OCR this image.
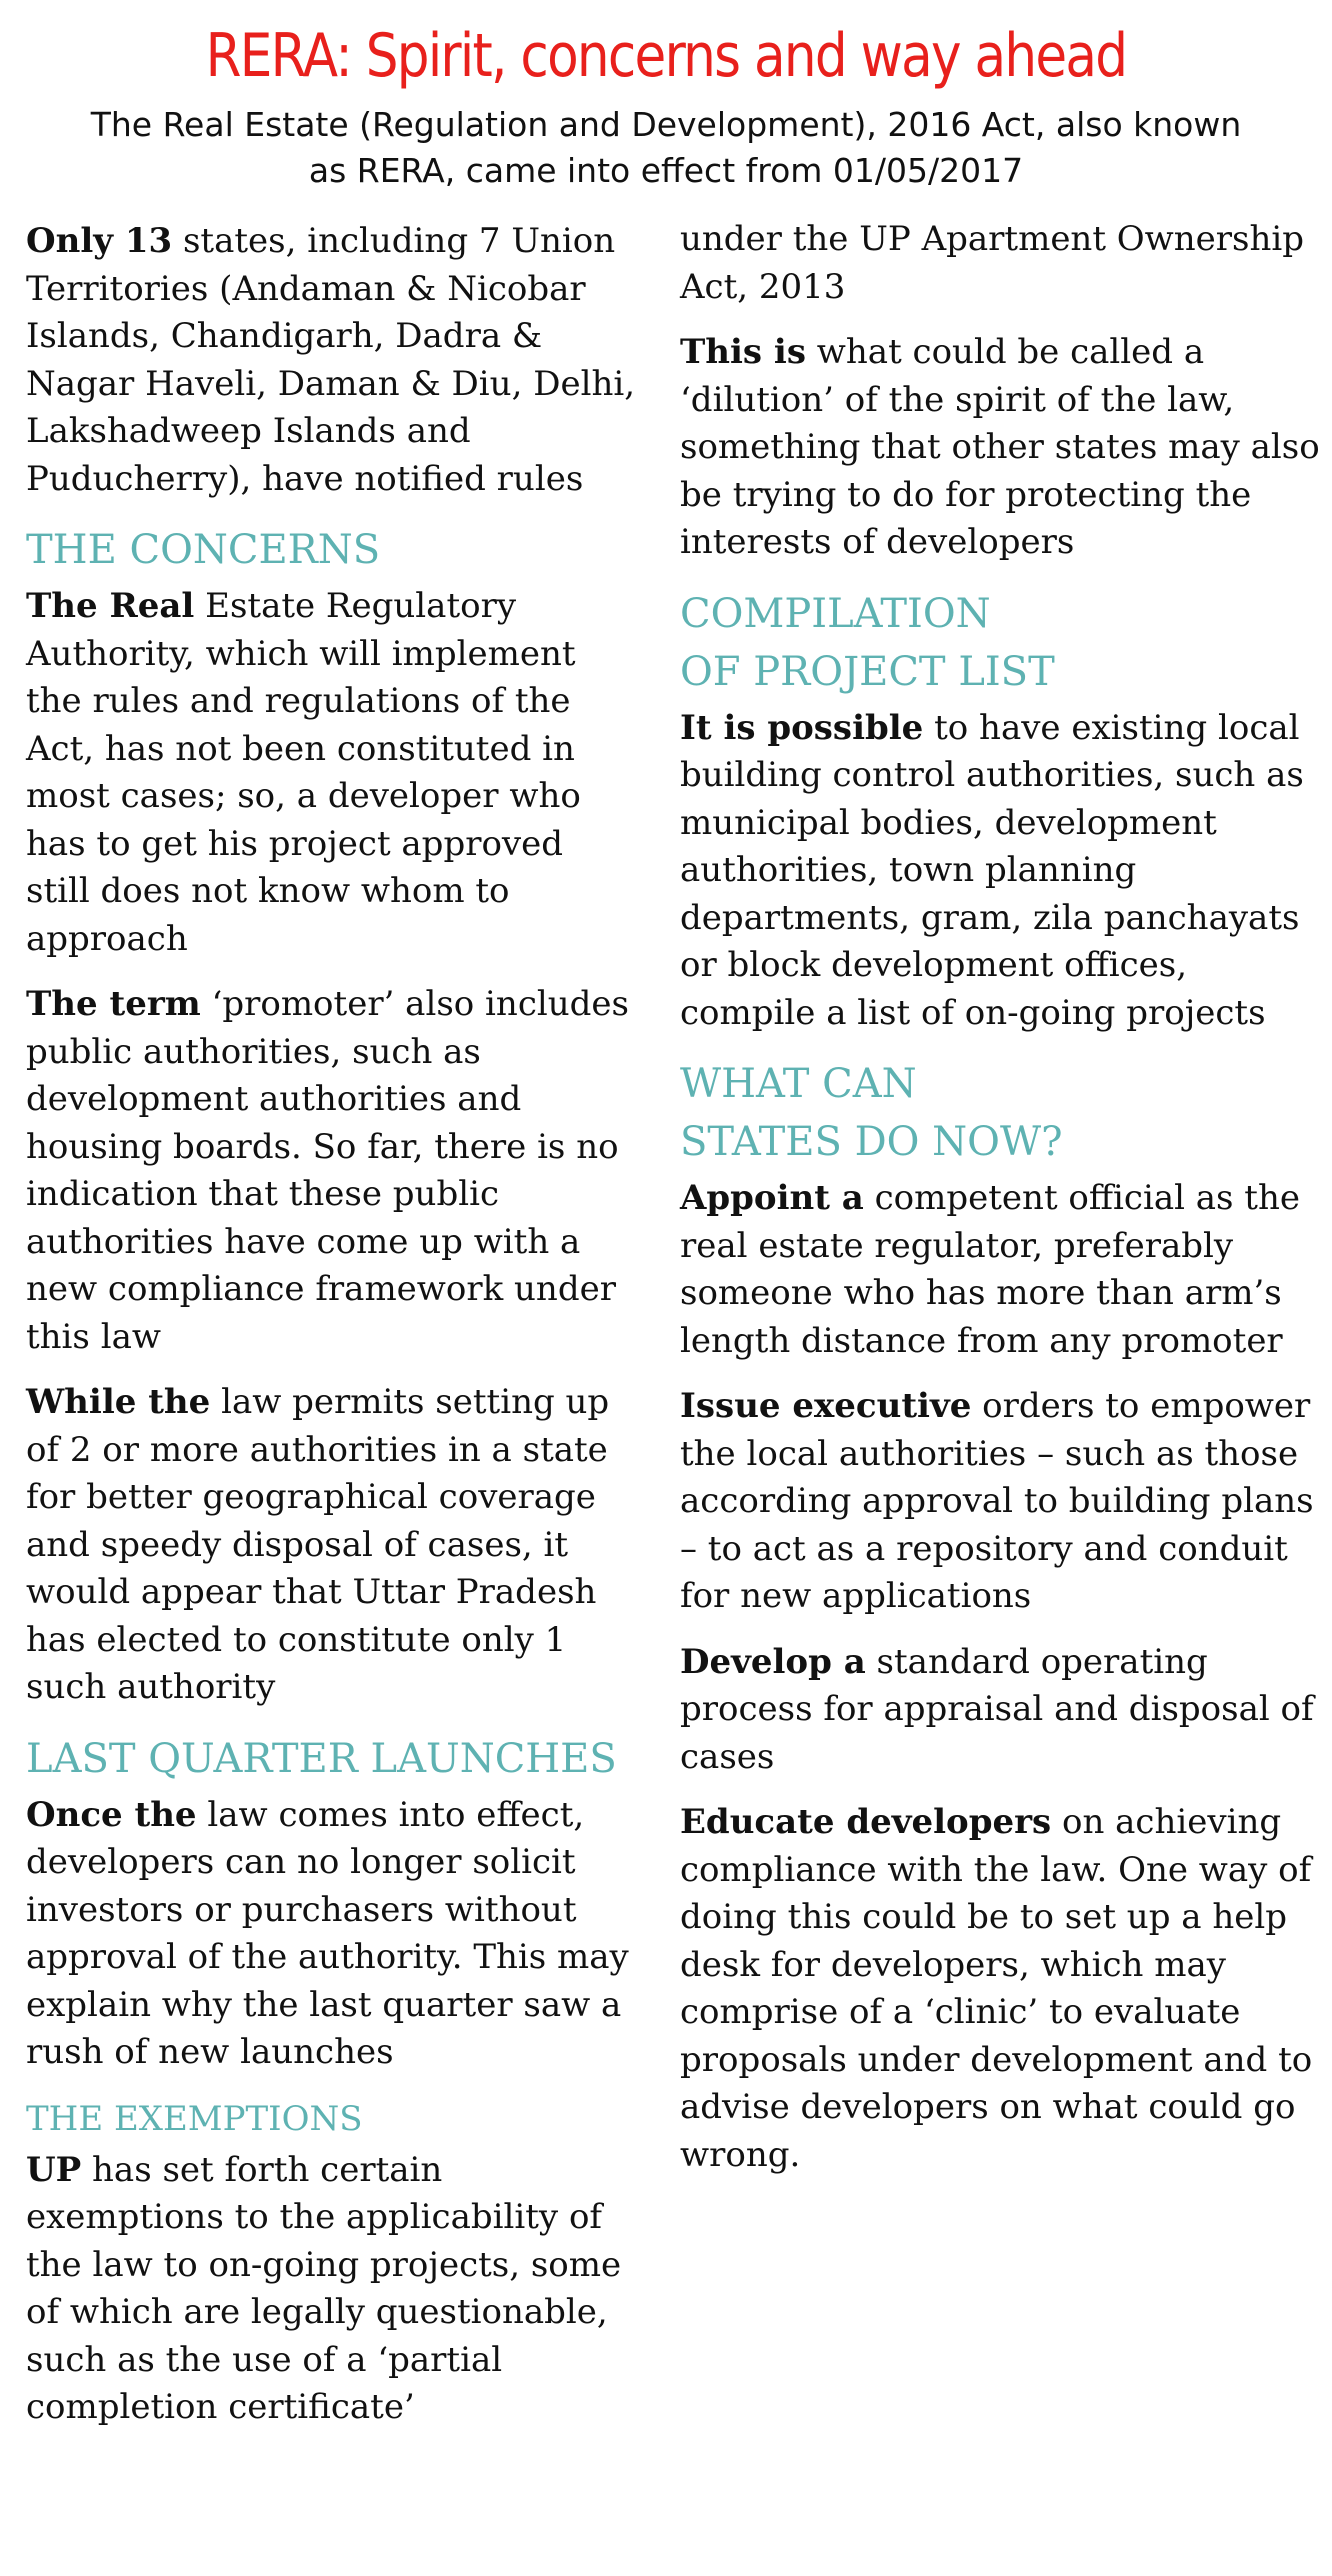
RERA: Spirit, concerns and way ahead
The Real Estate (Regulation and Development), 2016 Act, also known
as RERA, came into effect from 01/05/2017

Only 13 states, including 7 Union Territories (Andaman & Nicobar Islands, Chandigarh, Dadra & Nagar Haveli, Daman & Diu, Delhi, Lakshadweep Islands and Puducherry), have notified rules

THE CONCERNS

The Real Estate Regulatory Authority, which will implement the rules and regulations of the Act, has not been constituted in most cases; so, a developer who has to get his project approved still does not know whom to approach

The term ‘promoter’ also includes public authorities, such as development authorities and housing boards. So far, there is no indication that these public authorities have come up with a new compliance framework under this law

While the law permits setting up of 2 or more authorities in a state for better geographical coverage and speedy disposal of cases, it would appear that Uttar Pradesh has elected to constitute only 1 such authority

LAST QUARTER LAUNCHES

Once the law comes into effect, developers can no longer solicit investors or purchasers without approval of the authority. This may explain why the last quarter saw a rush of new launches

THE EXEMPTIONS

UP has set forth certain exemptions to the applicability of the law to on-going projects, some of which are legally questionable, such as the use of a ‘partial completion certificate’

under the UP Apartment Ownership Act, 2013

This is what could be called a ‘dilution’ of the spirit of the law, something that other states may also be trying to do for protecting the interests of developers

COMPILATION
OF PROJECT LIST

It is possible to have existing local building control authorities, such as municipal bodies, development authorities, town planning departments, gram, zila panchayats or block development offices, compile a list of on-going projects

WHAT CAN
STATES DO NOW?

Appoint a competent official as the real estate regulator, preferably someone who has more than arm’s length distance from any promoter

Issue executive orders to empower the local authorities – such as those according approval to building plans – to act as a repository and conduit for new applications

Develop a standard operating process for appraisal and disposal of cases

Educate developers on achieving compliance with the law. One way of doing this could be to set up a help desk for developers, which may comprise of a ‘clinic’ to evaluate proposals under development and to advise developers on what could go wrong.
